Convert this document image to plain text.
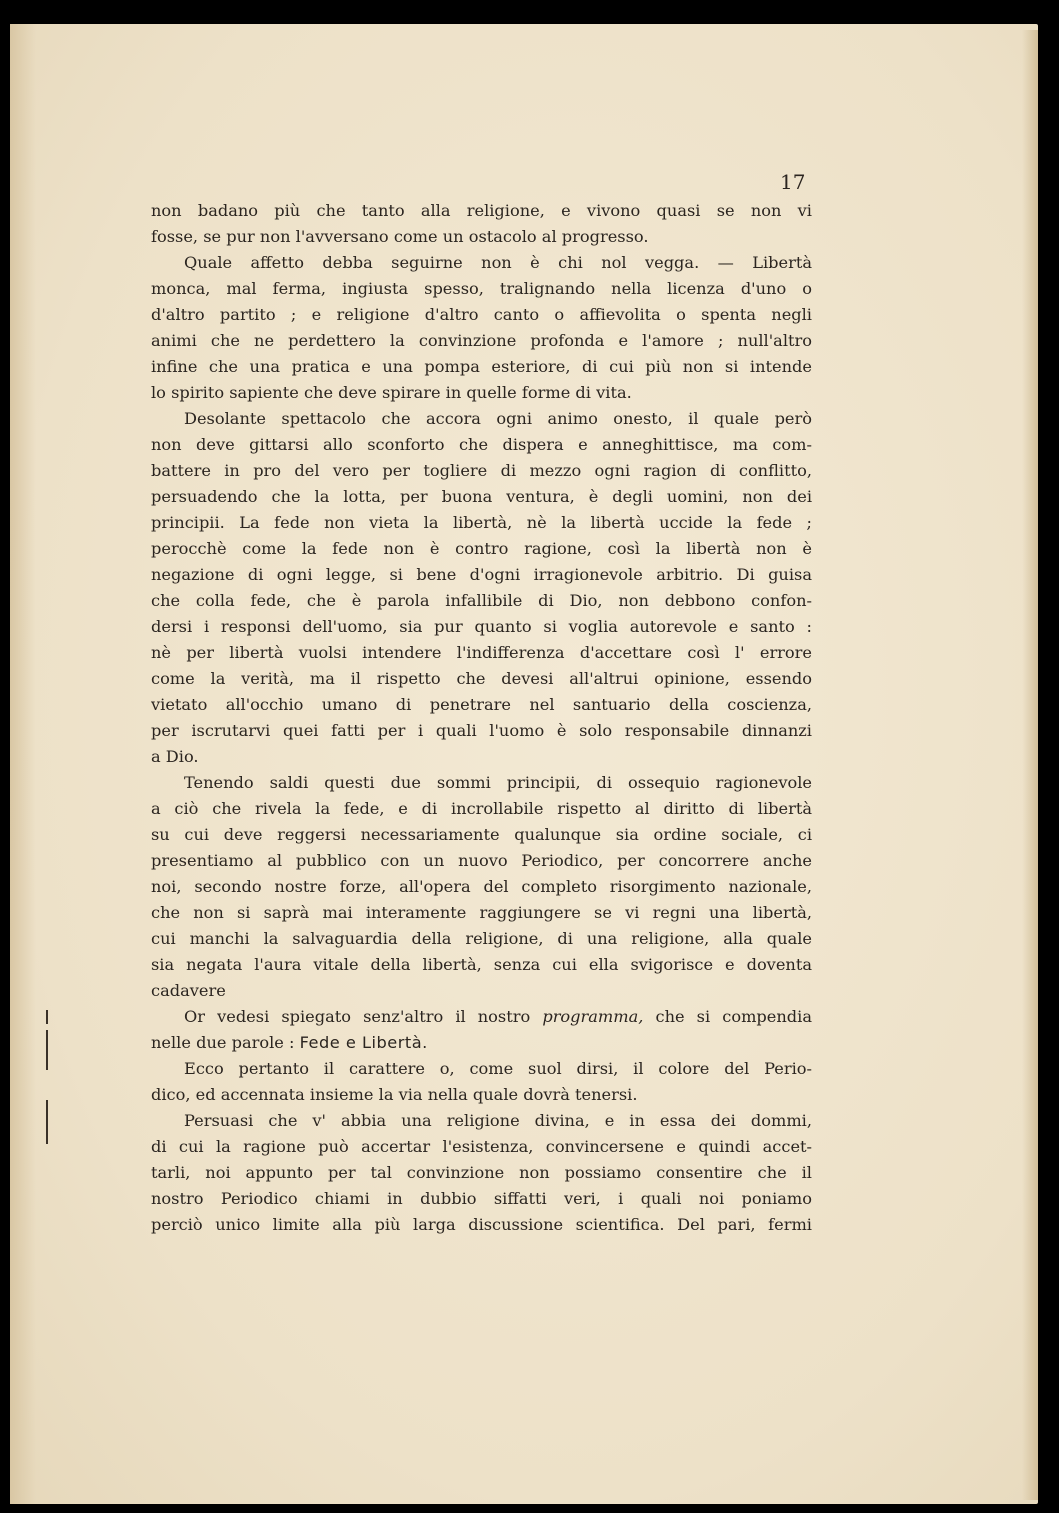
17
non badano più che tanto alla religione, e vivono quasi se non vi
fosse, se pur non l'avversano come un ostacolo al progresso.
Quale affetto debba seguirne non è chi nol vegga. — Libertà
monca, mal ferma, ingiusta spesso, tralignando nella licenza d'uno o
d'altro partito ; e religione d'altro canto o affievolita o spenta negli
animi che ne perdettero la convinzione profonda e l'amore ; null'altro
infine che una pratica e una pompa esteriore, di cui più non si intende
lo spirito sapiente che deve spirare in quelle forme di vita.
Desolante spettacolo che accora ogni animo onesto, il quale però
non deve gittarsi allo sconforto che dispera e anneghittisce, ma com-
battere in pro del vero per togliere di mezzo ogni ragion di conflitto,
persuadendo che la lotta, per buona ventura, è degli uomini, non dei
principii. La fede non vieta la libertà, nè la libertà uccide la fede ;
perocchè come la fede non è contro ragione, così la libertà non è
negazione di ogni legge, si bene d'ogni irragionevole arbitrio. Di guisa
che colla fede, che è parola infallibile di Dio, non debbono confon-
dersi i responsi dell'uomo, sia pur quanto si voglia autorevole e santo :
nè per libertà vuolsi intendere l'indifferenza d'accettare così l' errore
come la verità, ma il rispetto che devesi all'altrui opinione, essendo
vietato all'occhio umano di penetrare nel santuario della coscienza,
per iscrutarvi quei fatti per i quali l'uomo è solo responsabile dinnanzi
a Dio.
Tenendo saldi questi due sommi principii, di ossequio ragionevole
a ciò che rivela la fede, e di incrollabile rispetto al diritto di libertà
su cui deve reggersi necessariamente qualunque sia ordine sociale, ci
presentiamo al pubblico con un nuovo Periodico, per concorrere anche
noi, secondo nostre forze, all'opera del completo risorgimento nazionale,
che non si saprà mai interamente raggiungere se vi regni una libertà,
cui manchi la salvaguardia della religione, di una religione, alla quale
sia negata l'aura vitale della libertà, senza cui ella svigorisce e doventa
cadavere
Or vedesi spiegato senz'altro il nostro programma, che si compendia
nelle due parole : Fede e Libertà.
Ecco pertanto il carattere o, come suol dirsi, il colore del Perio-
dico, ed accennata insieme la via nella quale dovrà tenersi.
Persuasi che v' abbia una religione divina, e in essa dei dommi,
di cui la ragione può accertar l'esistenza, convincersene e quindi accet-
tarli, noi appunto per tal convinzione non possiamo consentire che il
nostro Periodico chiami in dubbio siffatti veri, i quali noi poniamo
perciò unico limite alla più larga discussione scientifica. Del pari, fermi
